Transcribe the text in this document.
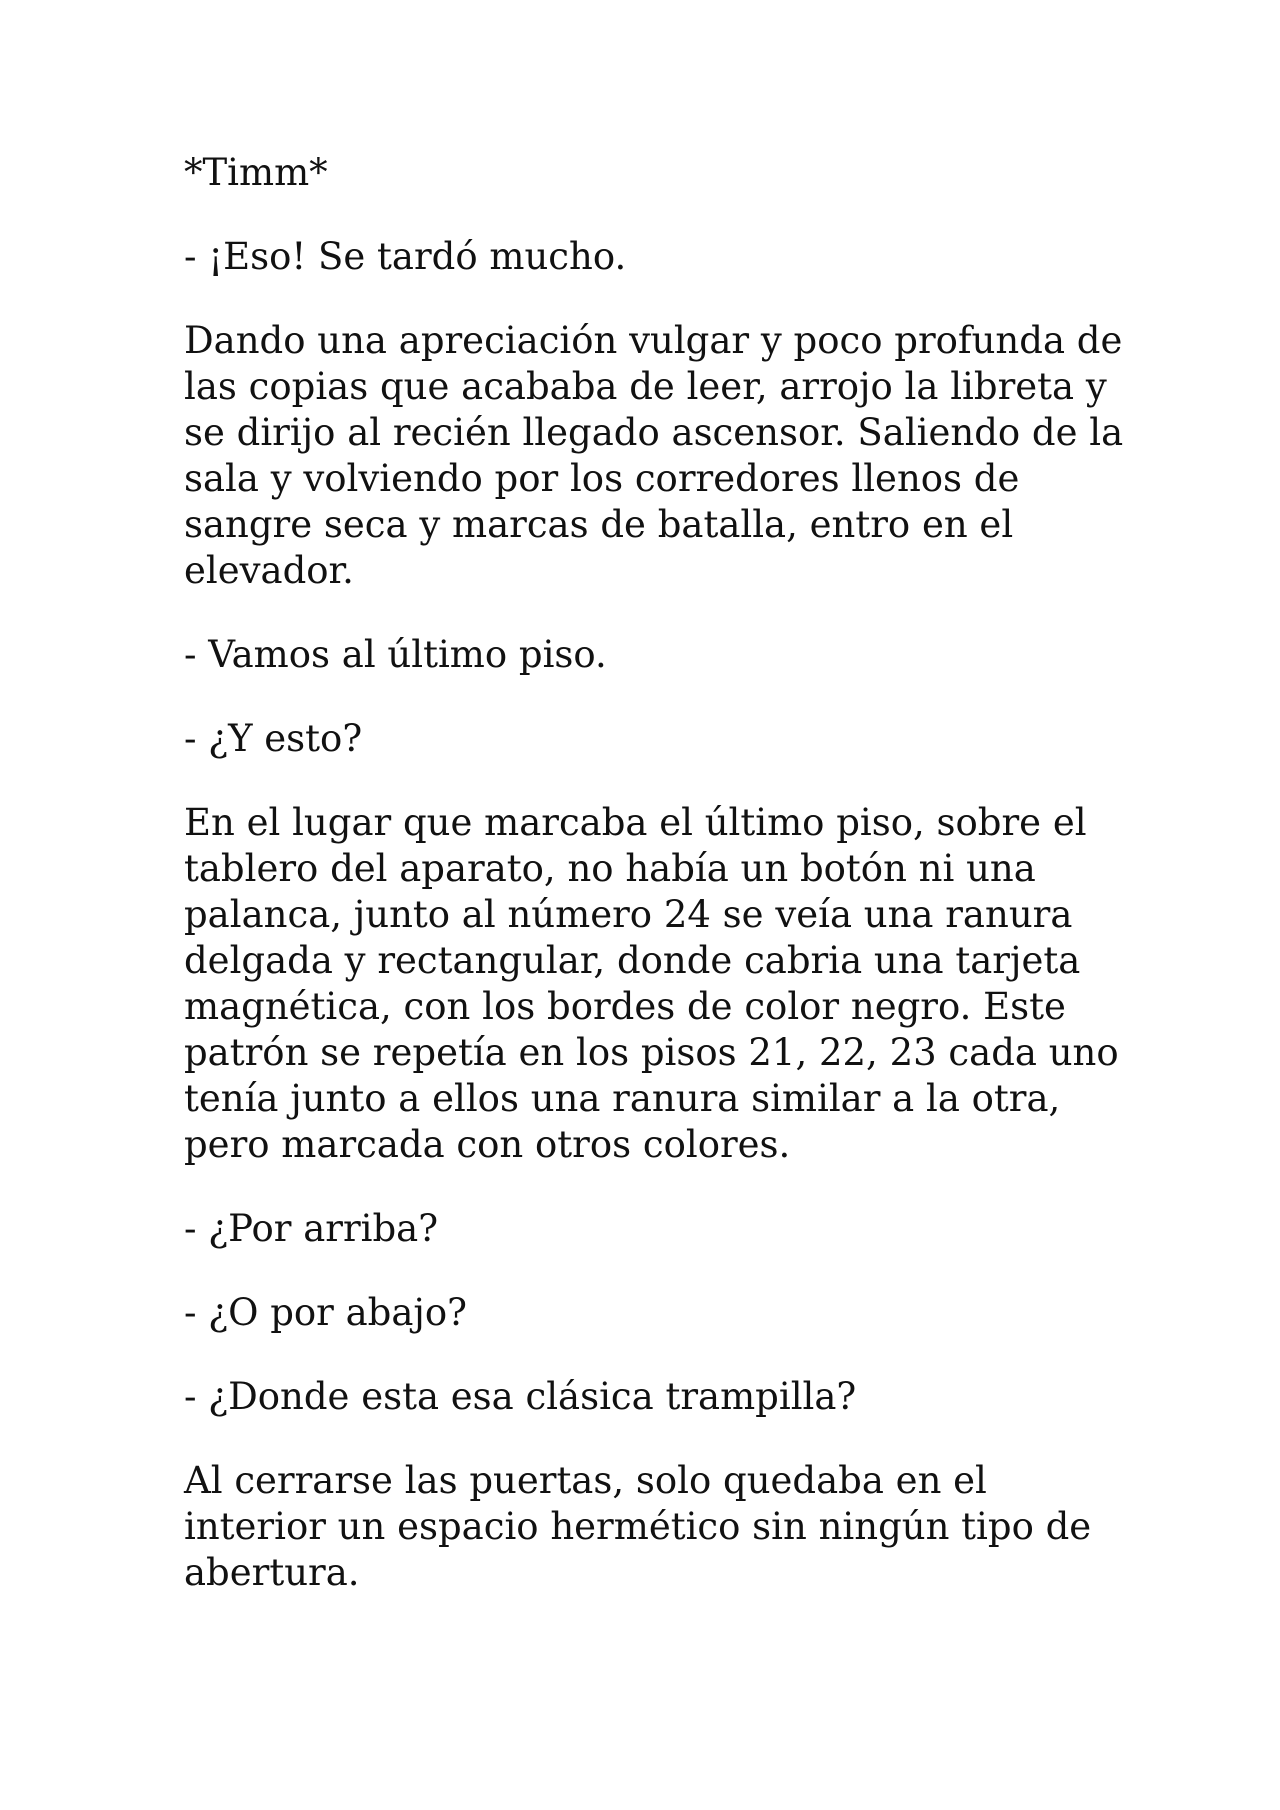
*Timm*

- ¡Eso! Se tardó mucho.

Dando una apreciación vulgar y poco profunda de las copias que acababa de leer, arrojo la libreta y se dirijo al recién llegado ascensor. Saliendo de la sala y volviendo por los corredores llenos de sangre seca y marcas de batalla, entro en el elevador.

- Vamos al último piso.

- ¿Y esto?

En el lugar que marcaba el último piso, sobre el tablero del aparato, no había un botón ni una palanca, junto al número 24 se veía una ranura delgada y rectangular, donde cabria una tarjeta magnética, con los bordes de color negro. Este patrón se repetía en los pisos 21, 22, 23 cada uno tenía junto a ellos una ranura similar a la otra, pero marcada con otros colores.

- ¿Por arriba?

- ¿O por abajo?

- ¿Donde esta esa clásica trampilla?

Al cerrarse las puertas, solo quedaba en el interior un espacio hermético sin ningún tipo de abertura.
